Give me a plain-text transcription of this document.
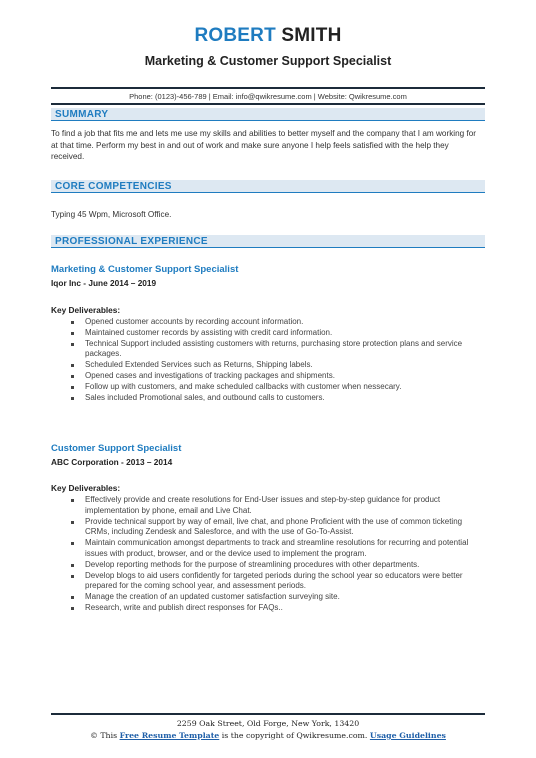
ROBERT SMITH
Marketing & Customer Support Specialist
Phone: (0123)-456-789 | Email: info@qwikresume.com | Website: Qwikresume.com
SUMMARY
To find a job that fits me and lets me use my skills and abilities to better myself and the company that I am working for at that time. Perform my best in and out of work and make sure anyone I help feels satisfied with the help they received.
CORE COMPETENCIES
Typing 45 Wpm, Microsoft Office.
PROFESSIONAL EXPERIENCE
Marketing & Customer Support Specialist
Iqor Inc - June 2014 – 2019
Key Deliverables:
Opened customer accounts by recording account information.
Maintained customer records by assisting with credit card information.
Technical Support included assisting customers with returns, purchasing store protection plans and service packages.
Scheduled Extended Services such as Returns, Shipping labels.
Opened cases and investigations of tracking packages and shipments.
Follow up with customers, and make scheduled callbacks with customer when nessecary.
Sales included Promotional sales, and outbound calls to customers.
Customer Support Specialist
ABC Corporation - 2013 – 2014
Key Deliverables:
Effectively provide and create resolutions for End-User issues and step-by-step guidance for product implementation by phone, email and Live Chat.
Provide technical support by way of email, live chat, and phone Proficient with the use of common ticketing CRMs, including Zendesk and Salesforce, and with the use of Go-To-Assist.
Maintain communication amongst departments to track and streamline resolutions for recurring and potential issues with product, browser, and or the device used to implement the program.
Develop reporting methods for the purpose of streamlining procedures with other departments.
Develop blogs to aid users confidently for targeted periods during the school year so educators were better prepared for the coming school year, and assessment periods.
Manage the creation of an updated customer satisfaction surveying site.
Research, write and publish direct responses for FAQs..
2259 Oak Street, Old Forge, New York, 13420
© This Free Resume Template is the copyright of Qwikresume.com. Usage Guidelines
